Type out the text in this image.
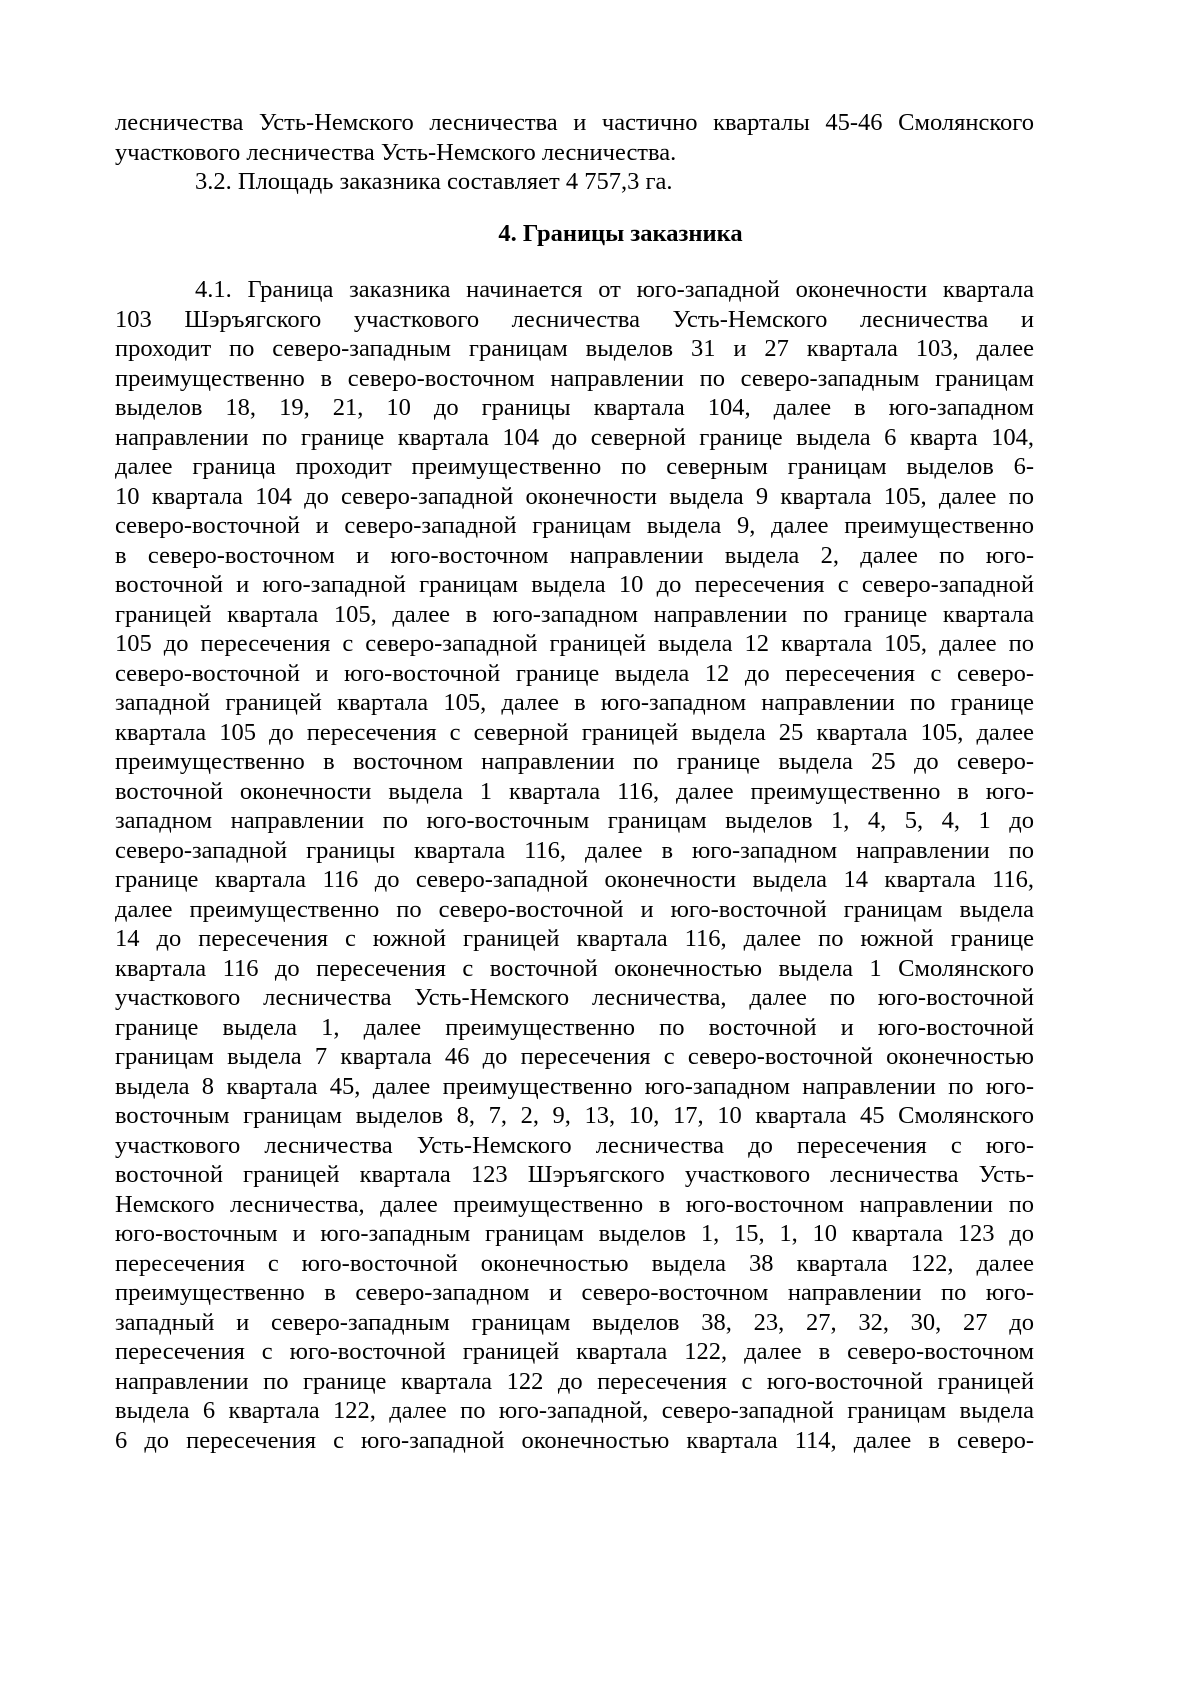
лесничества Усть-Немского лесничества и частично кварталы 45-46 Смолянского
участкового лесничества Усть-Немского лесничества.
3.2. Площадь заказника составляет 4 757,3 га.
4. Границы заказника
4.1. Граница заказника начинается от юго-западной оконечности квартала
103 Шэръягского участкового лесничества Усть-Немского лесничества и
проходит по северо-западным границам выделов 31 и 27 квартала 103, далее
преимущественно в северо-восточном направлении по северо-западным границам
выделов 18, 19, 21, 10 до границы квартала 104, далее в юго-западном
направлении по границе квартала 104 до северной границе выдела 6 кварта 104,
далее граница проходит преимущественно по северным границам выделов 6-
10 квартала 104 до северо-западной оконечности выдела 9 квартала 105, далее по
северо-восточной и северо-западной границам выдела 9, далее преимущественно
в северо-восточном и юго-восточном направлении выдела 2, далее по юго-
восточной и юго-западной границам выдела 10 до пересечения с северо-западной
границей квартала 105, далее в юго-западном направлении по границе квартала
105 до пересечения с северо-западной границей выдела 12 квартала 105, далее по
северо-восточной и юго-восточной границе выдела 12 до пересечения с северо-
западной границей квартала 105, далее в юго-западном направлении по границе
квартала 105 до пересечения с северной границей выдела 25 квартала 105, далее
преимущественно в восточном направлении по границе выдела 25 до северо-
восточной оконечности выдела 1 квартала 116, далее преимущественно в юго-
западном направлении по юго-восточным границам выделов 1, 4, 5, 4, 1 до
северо-западной границы квартала 116, далее в юго-западном направлении по
границе квартала 116 до северо-западной оконечности выдела 14 квартала 116,
далее преимущественно по северо-восточной и юго-восточной границам выдела
14 до пересечения с южной границей квартала 116, далее по южной границе
квартала 116 до пересечения с восточной оконечностью выдела 1 Смолянского
участкового лесничества Усть-Немского лесничества, далее по юго-восточной
границе выдела 1, далее преимущественно по восточной и юго-восточной
границам выдела 7 квартала 46 до пересечения с северо-восточной оконечностью
выдела 8 квартала 45, далее преимущественно юго-западном направлении по юго-
восточным границам выделов 8, 7, 2, 9, 13, 10, 17, 10 квартала 45 Смолянского
участкового лесничества Усть-Немского лесничества до пересечения с юго-
восточной границей квартала 123 Шэръягского участкового лесничества Усть-
Немского лесничества, далее преимущественно в юго-восточном направлении по
юго-восточным и юго-западным границам выделов 1, 15, 1, 10 квартала 123 до
пересечения с юго-восточной оконечностью выдела 38 квартала 122, далее
преимущественно в северо-западном и северо-восточном направлении по юго-
западный и северо-западным границам выделов 38, 23, 27, 32, 30, 27 до
пересечения с юго-восточной границей квартала 122, далее в северо-восточном
направлении по границе квартала 122 до пересечения с юго-восточной границей
выдела 6 квартала 122, далее по юго-западной, северо-западной границам выдела
6 до пересечения с юго-западной оконечностью квартала 114, далее в северо-
